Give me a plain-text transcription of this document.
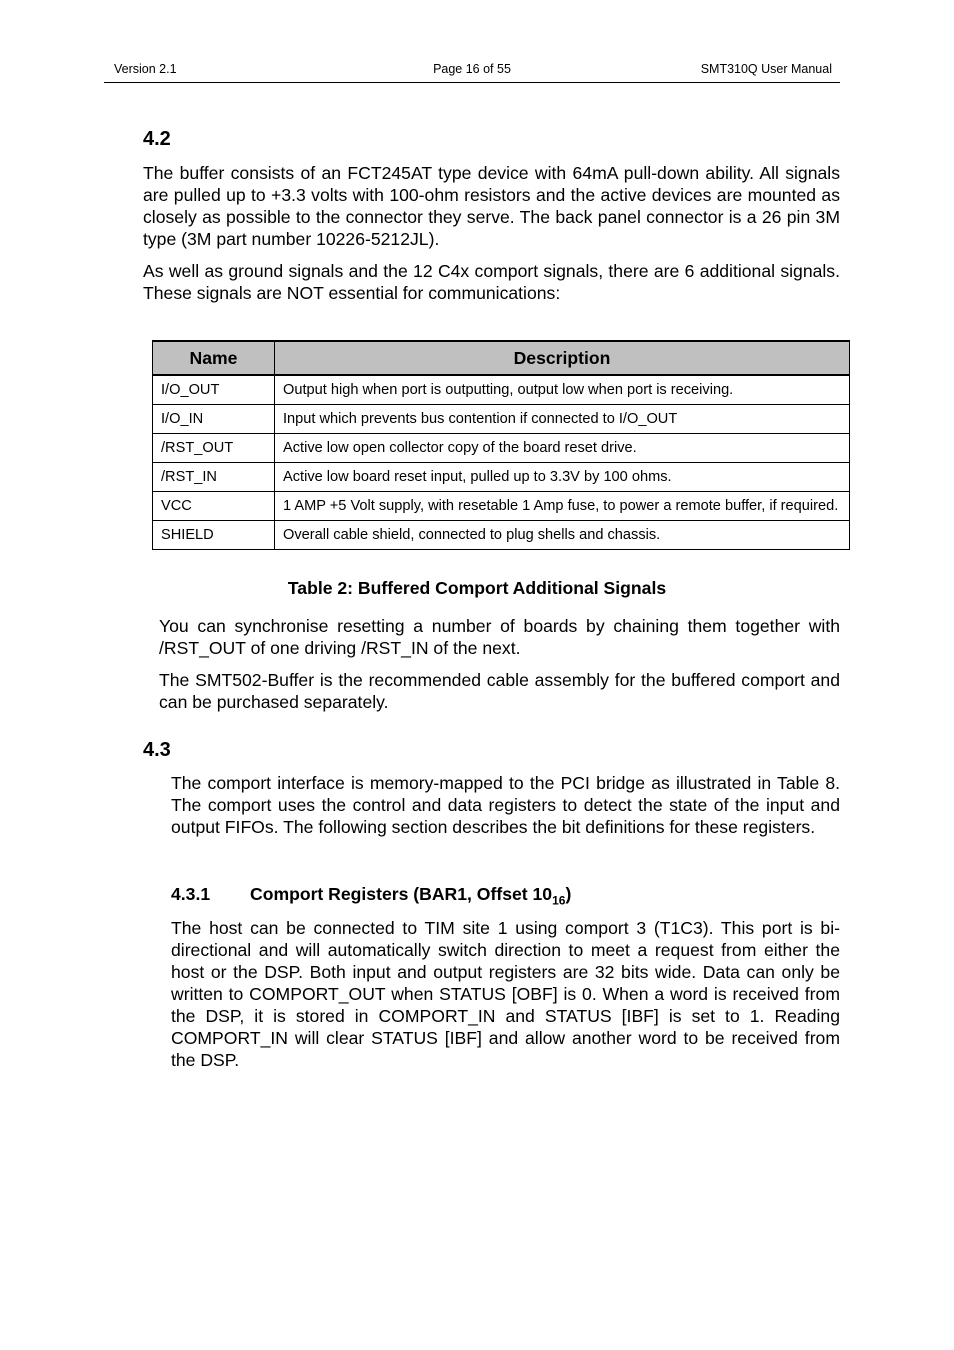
Version 2.1	Page 16 of 55	SMT310Q User Manual
4.2

The buffer consists of an FCT245AT type device with 64mA pull-down ability. All signals are pulled up to +3.3 volts with 100-ohm resistors and the active devices are mounted as closely as possible to the connector they serve. The back panel connector is a 26 pin 3M type (3M part number 10226-5212JL).

As well as ground signals and the 12 C4x comport signals, there are 6 additional signals. These signals are NOT essential for communications:

Name	Description
I/O_OUT	Output high when port is outputting, output low when port is receiving.
I/O_IN	Input which prevents bus contention if connected to I/O_OUT
/RST_OUT	Active low open collector copy of the board reset drive.
/RST_IN	Active low board reset input, pulled up to 3.3V by 100 ohms.
VCC	1 AMP +5 Volt supply, with resetable 1 Amp fuse, to power a remote buffer, if required.
SHIELD	Overall cable shield, connected to plug shells and chassis.
Table 2: Buffered Comport Additional Signals

You can synchronise resetting a number of boards by chaining them together with /RST_OUT of one driving /RST_IN of the next.

The SMT502-Buffer is the recommended cable assembly for the buffered comport and can be purchased separately.

4.3

The comport interface is memory-mapped to the PCI bridge as illustrated in Table 8. The comport uses the control and data registers to detect the state of the input and output FIFOs. The following section describes the bit definitions for these registers.

4.3.1 Comport Registers (BAR1, Offset $10_{16}$)

The host can be connected to TIM site 1 using comport 3 (T1C3). This port is bi-directional and will automatically switch direction to meet a request from either the host or the DSP. Both input and output registers are 32 bits wide. Data can only be written to COMPORT_OUT when STATUS [OBF] is 0. When a word is received from the DSP, it is stored in COMPORT_IN and STATUS [IBF] is set to 1. Reading COMPORT_IN will clear STATUS [IBF] and allow another word to be received from the DSP.
